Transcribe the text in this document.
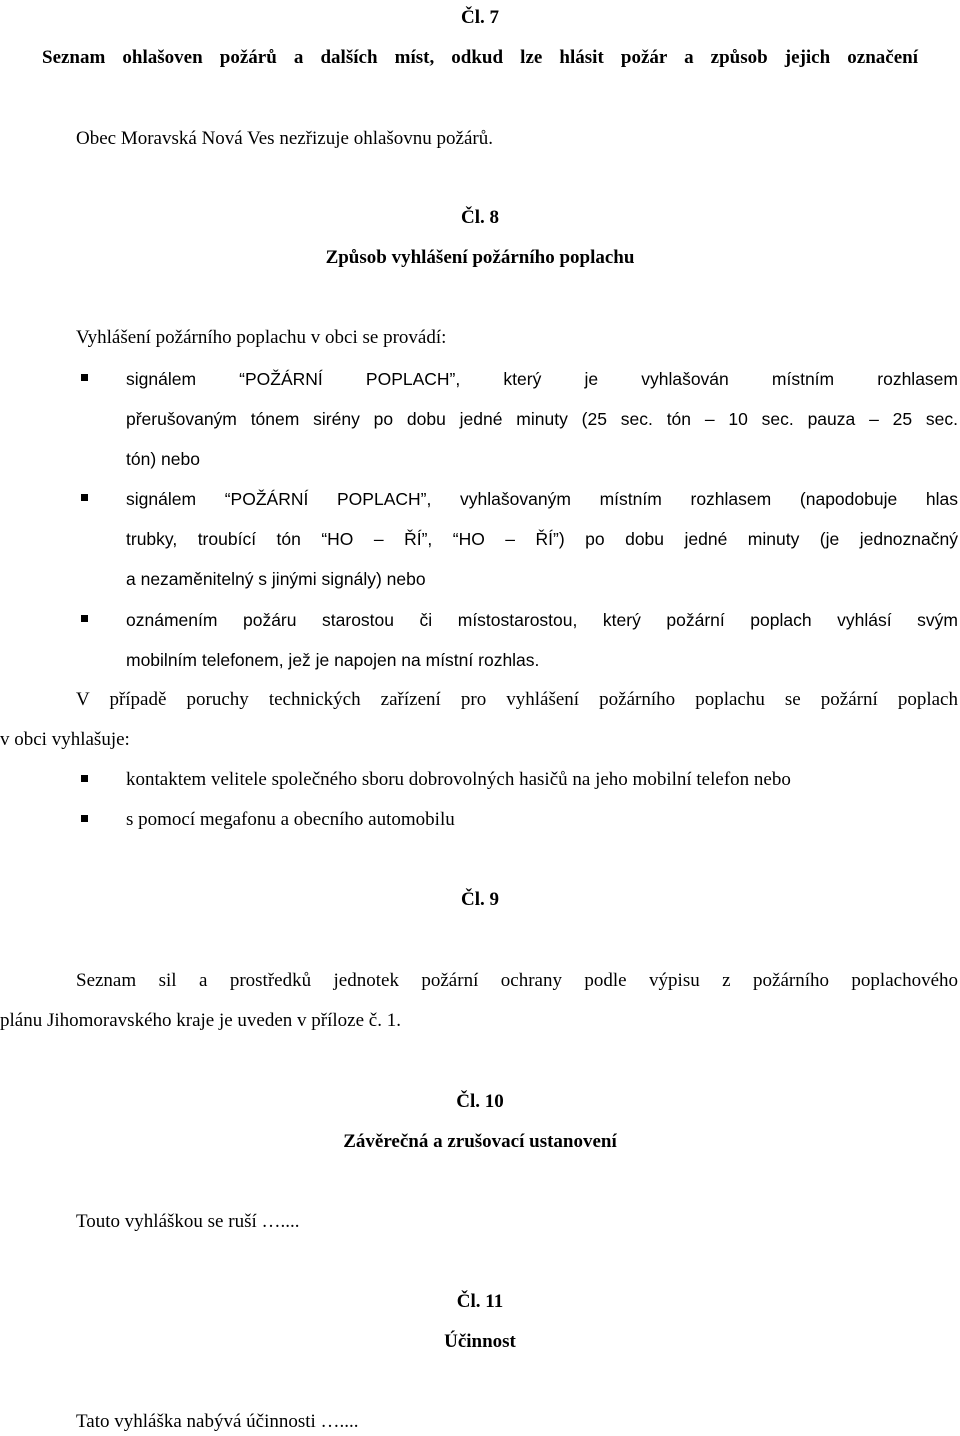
Čl. 7
Seznam ohlašoven požárů a dalších míst, odkud lze hlásit požár a způsob jejich označení
Obec Moravská Nová Ves nezřizuje ohlašovnu požárů.
Čl. 8
Způsob vyhlášení požárního poplachu
Vyhlášení požárního poplachu v obci se provádí:
signálem “POŽÁRNÍ POPLACH”, který je vyhlašován místním rozhlasem
přerušovaným tónem sirény po dobu jedné minuty (25 sec. tón – 10 sec. pauza – 25 sec.
tón) nebo
signálem “POŽÁRNÍ POPLACH”, vyhlašovaným místním rozhlasem (napodobuje hlas
trubky, troubící tón “HO – ŘÍ”, “HO – ŘÍ”) po dobu jedné minuty (je jednoznačný
a nezaměnitelný s jinými signály) nebo
oznámením požáru starostou či místostarostou, který požární poplach vyhlásí svým
mobilním telefonem, jež je napojen na místní rozhlas.
V případě poruchy technických zařízení pro vyhlášení požárního poplachu se požární poplach
v obci vyhlašuje:
kontaktem velitele společného sboru dobrovolných hasičů na jeho mobilní telefon nebo
s pomocí megafonu a obecního automobilu
Čl. 9
Seznam sil a prostředků jednotek požární ochrany podle výpisu z požárního poplachového
plánu Jihomoravského kraje je uveden v příloze č. 1.
Čl. 10
Závěrečná a zrušovací ustanovení
Touto vyhláškou se ruší …....
Čl. 11
Účinnost
Tato vyhláška nabývá účinnosti …....
